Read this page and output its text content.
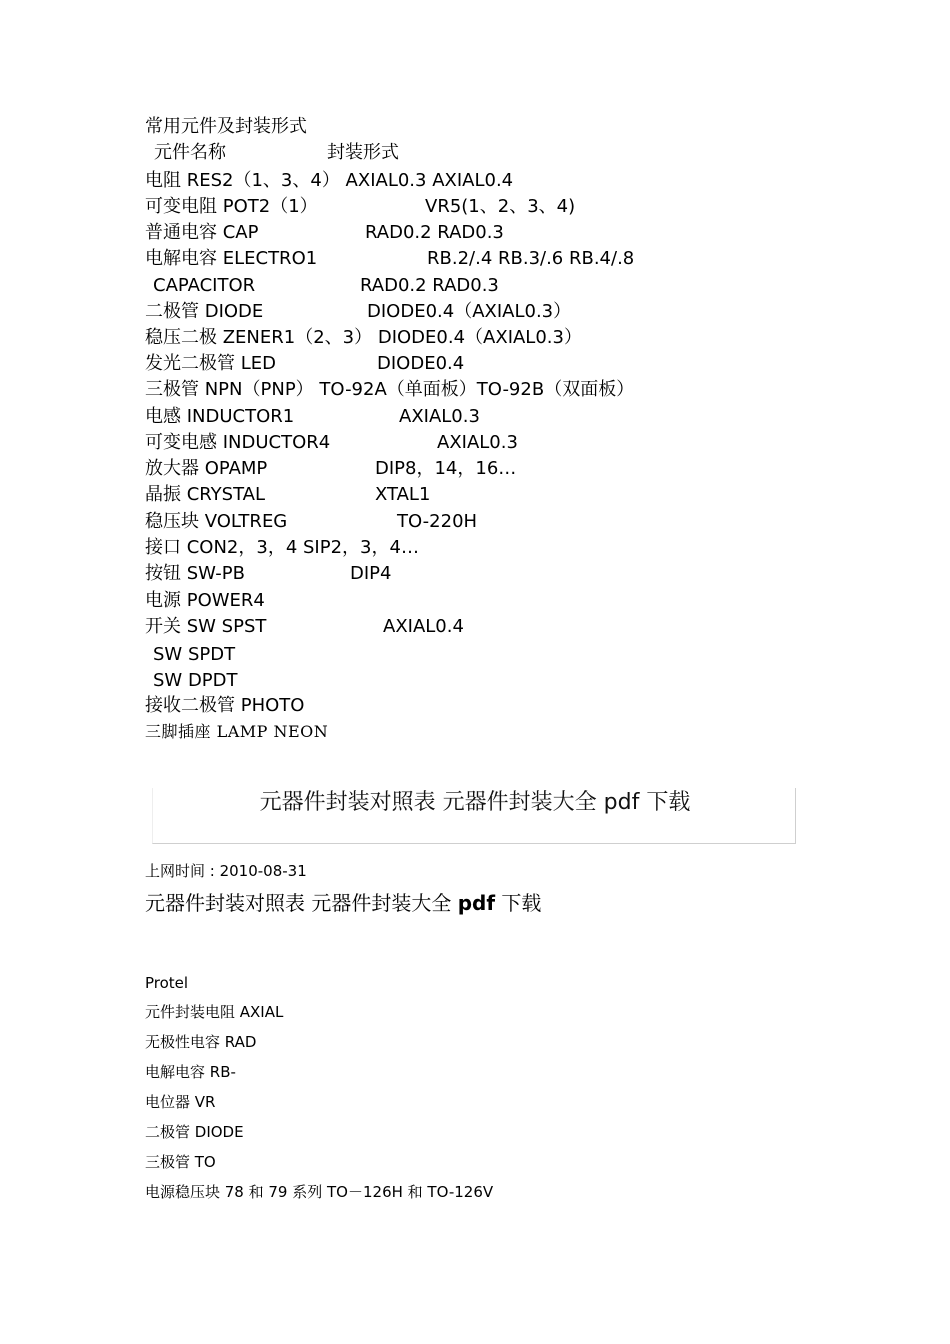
常用元件及封装形式
元件名称	封装形式
电阻 RES2（1、3、4） AXIAL0.3 AXIAL0.4
可变电阻 POT2（1）	VR5(1、2、3、4)
普通电容 CAP	RAD0.2 RAD0.3
电解电容 ELECTRO1	RB.2/.4 RB.3/.6 RB.4/.8
CAPACITOR	RAD0.2 RAD0.3
二极管 DIODE	DIODE0.4（AXIAL0.3）
稳压二极 ZENER1（2、3） DIODE0.4（AXIAL0.3）
发光二极管 LED	DIODE0.4
三极管 NPN（PNP） TO-92A（单面板）TO-92B（双面板）
电感 INDUCTOR1	AXIAL0.3
可变电感 INDUCTOR4	AXIAL0.3
放大器 OPAMP	DIP8，14，16…
晶振 CRYSTAL	XTAL1
稳压块 VOLTREG	TO-220H
接口 CON2，3，4 SIP2，3，4…
按钮 SW-PB	DIP4
电源 POWER4
开关 SW SPST	AXIAL0.4
SW SPDT
SW DPDT
接收二极管 PHOTO
三脚插座 LAMP NEON
元器件封装对照表 元器件封装大全 pdf 下载
上网时间 : 2010-08-31
元器件封装对照表 元器件封装大全 pdf 下载
Protel
元件封装电阻 AXIAL
无极性电容 RAD
电解电容 RB-
电位器 VR
二极管 DIODE
三极管 TO
电源稳压块 78 和 79 系列 TO－126H 和 TO-126V
